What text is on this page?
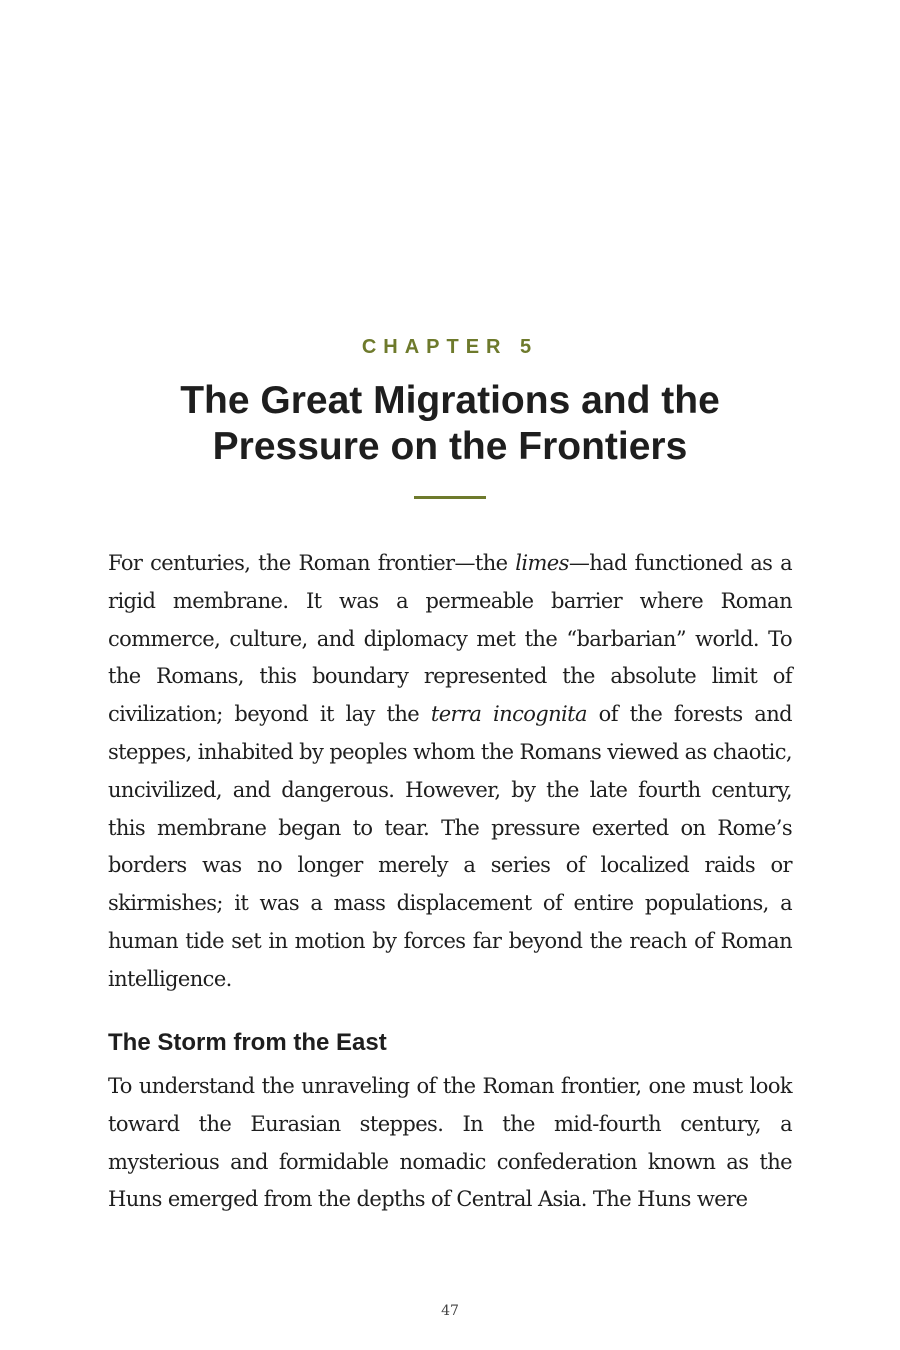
CHAPTER 5
The Great Migrations and the
Pressure on the Frontiers

For centuries, the Roman frontier—the limes—had functioned as a rigid membrane. It was a permeable barrier where Roman commerce, culture, and diplomacy met the “barbarian” world. To the Romans, this boundary represented the absolute limit of civilization; beyond it lay the terra incognita of the forests and steppes, inhabited by peoples whom the Romans viewed as chaotic, uncivilized, and dangerous. However, by the late fourth century, this membrane began to tear. The pressure exerted on Rome’s borders was no longer merely a series of localized raids or skirmishes; it was a mass displacement of entire populations, a human tide set in motion by forces far beyond the reach of Roman intelligence.

The Storm from the East

To understand the unraveling of the Roman frontier, one must look toward the Eurasian steppes. In the mid-fourth century, a mysterious and formidable nomadic confederation known as the Huns emerged from the depths of Central Asia. The Huns were

47
